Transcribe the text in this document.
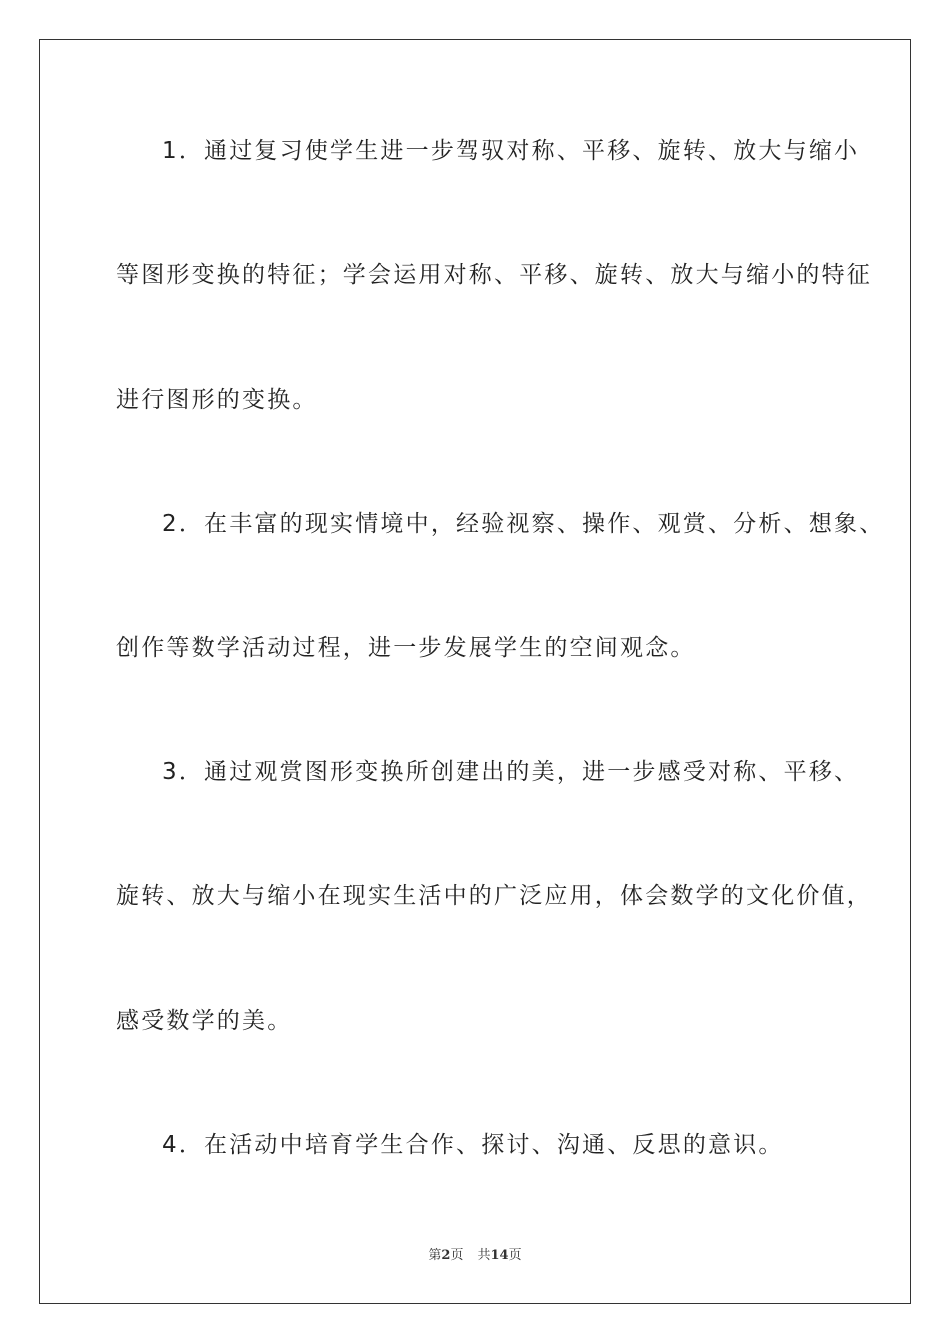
1．通过复习使学生进一步驾驭对称、平移、旋转、放大与缩小
等图形变换的特征；学会运用对称、平移、旋转、放大与缩小的特征
进行图形的变换。
2．在丰富的现实情境中，经验视察、操作、观赏、分析、想象、
创作等数学活动过程，进一步发展学生的空间观念。
3．通过观赏图形变换所创建出的美，进一步感受对称、平移、
旋转、放大与缩小在现实生活中的广泛应用，体会数学的文化价值，
感受数学的美。
4．在活动中培育学生合作、探讨、沟通、反思的意识。
第2页 共14页
